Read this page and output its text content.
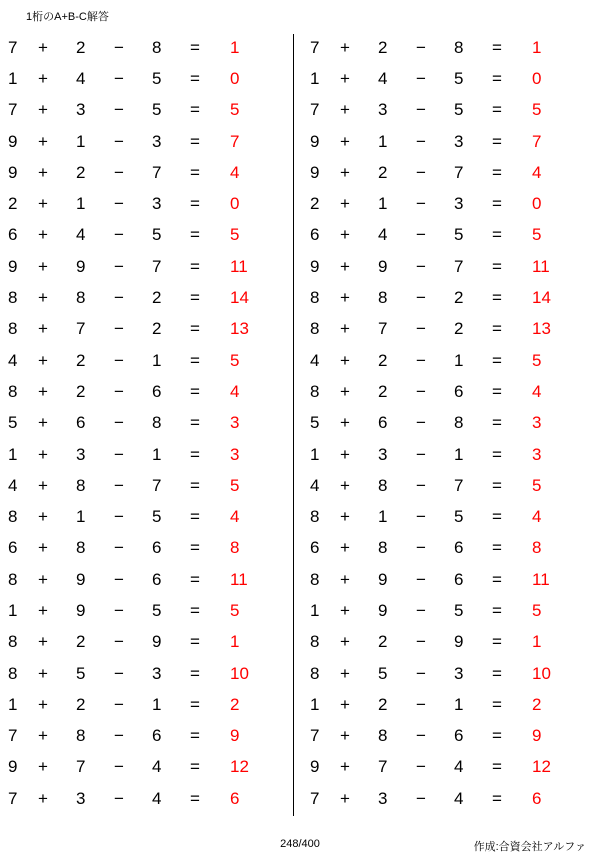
1桁のA+B-C解答
7	+	2	−	8	=	1
1	+	4	−	5	=	0
7	+	3	−	5	=	5
9	+	1	−	3	=	7
9	+	2	−	7	=	4
2	+	1	−	3	=	0
6	+	4	−	5	=	5
9	+	9	−	7	=	11
8	+	8	−	2	=	14
8	+	7	−	2	=	13
4	+	2	−	1	=	5
8	+	2	−	6	=	4
5	+	6	−	8	=	3
1	+	3	−	1	=	3
4	+	8	−	7	=	5
8	+	1	−	5	=	4
6	+	8	−	6	=	8
8	+	9	−	6	=	11
1	+	9	−	5	=	5
8	+	2	−	9	=	1
8	+	5	−	3	=	10
1	+	2	−	1	=	2
7	+	8	−	6	=	9
9	+	7	−	4	=	12
7	+	3	−	4	=	6
7	+	2	−	8	=	1
1	+	4	−	5	=	0
7	+	3	−	5	=	5
9	+	1	−	3	=	7
9	+	2	−	7	=	4
2	+	1	−	3	=	0
6	+	4	−	5	=	5
9	+	9	−	7	=	11
8	+	8	−	2	=	14
8	+	7	−	2	=	13
4	+	2	−	1	=	5
8	+	2	−	6	=	4
5	+	6	−	8	=	3
1	+	3	−	1	=	3
4	+	8	−	7	=	5
8	+	1	−	5	=	4
6	+	8	−	6	=	8
8	+	9	−	6	=	11
1	+	9	−	5	=	5
8	+	2	−	9	=	1
8	+	5	−	3	=	10
1	+	2	−	1	=	2
7	+	8	−	6	=	9
9	+	7	−	4	=	12
7	+	3	−	4	=	6
248/400	作成:合資会社アルファ
